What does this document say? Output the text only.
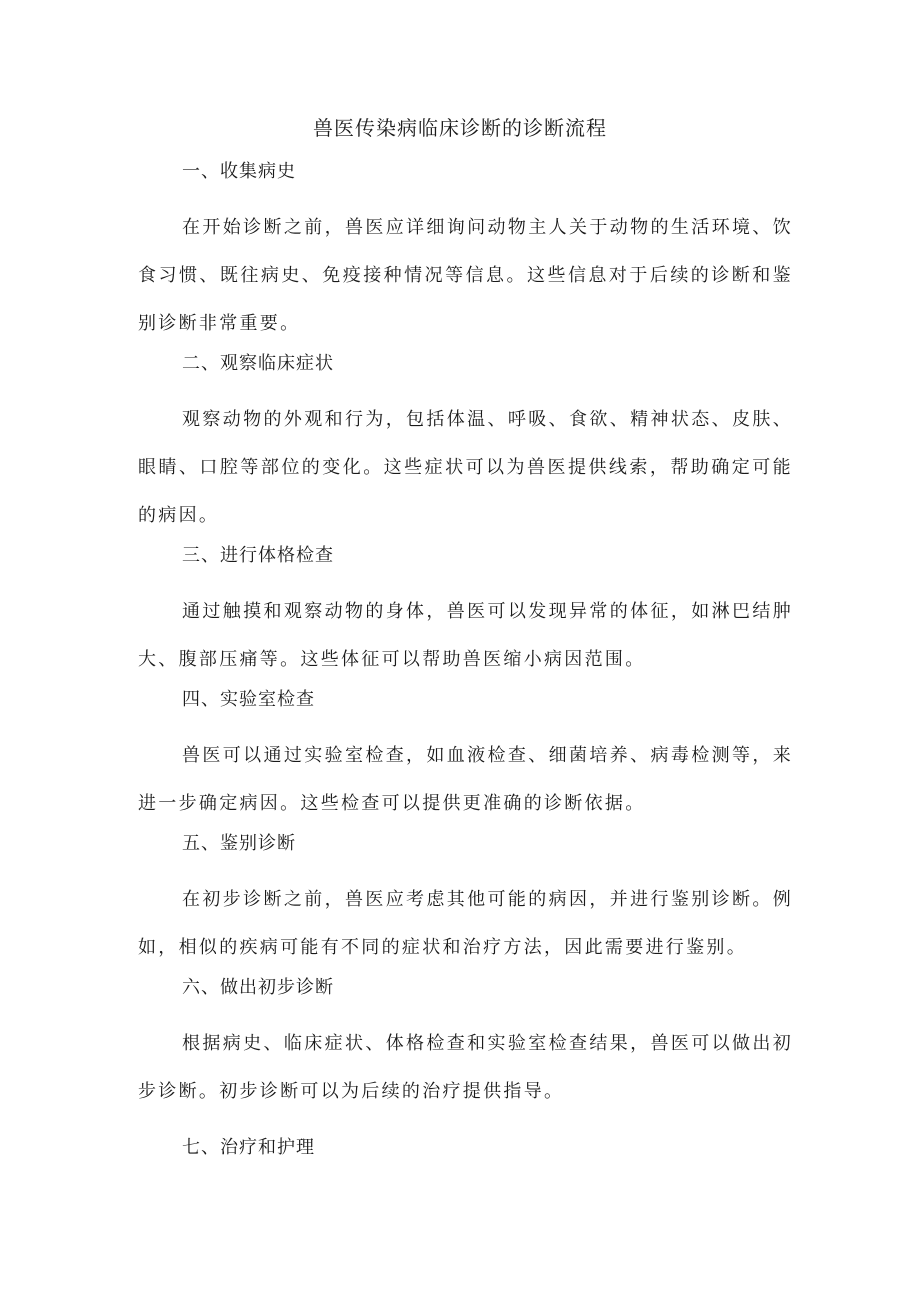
兽医传染病临床诊断的诊断流程

一、收集病史

在开始诊断之前，兽医应详细询问动物主人关于动物的生活环境、饮食习惯、既往病史、免疫接种情况等信息。这些信息对于后续的诊断和鉴别诊断非常重要。

二、观察临床症状

观察动物的外观和行为，包括体温、呼吸、食欲、精神状态、皮肤、眼睛、口腔等部位的变化。这些症状可以为兽医提供线索，帮助确定可能的病因。

三、进行体格检查

通过触摸和观察动物的身体，兽医可以发现异常的体征，如淋巴结肿大、腹部压痛等。这些体征可以帮助兽医缩小病因范围。

四、实验室检查

兽医可以通过实验室检查，如血液检查、细菌培养、病毒检测等，来进一步确定病因。这些检查可以提供更准确的诊断依据。

五、鉴别诊断

在初步诊断之前，兽医应考虑其他可能的病因，并进行鉴别诊断。例如，相似的疾病可能有不同的症状和治疗方法，因此需要进行鉴别。

六、做出初步诊断

根据病史、临床症状、体格检查和实验室检查结果，兽医可以做出初步诊断。初步诊断可以为后续的治疗提供指导。

七、治疗和护理
